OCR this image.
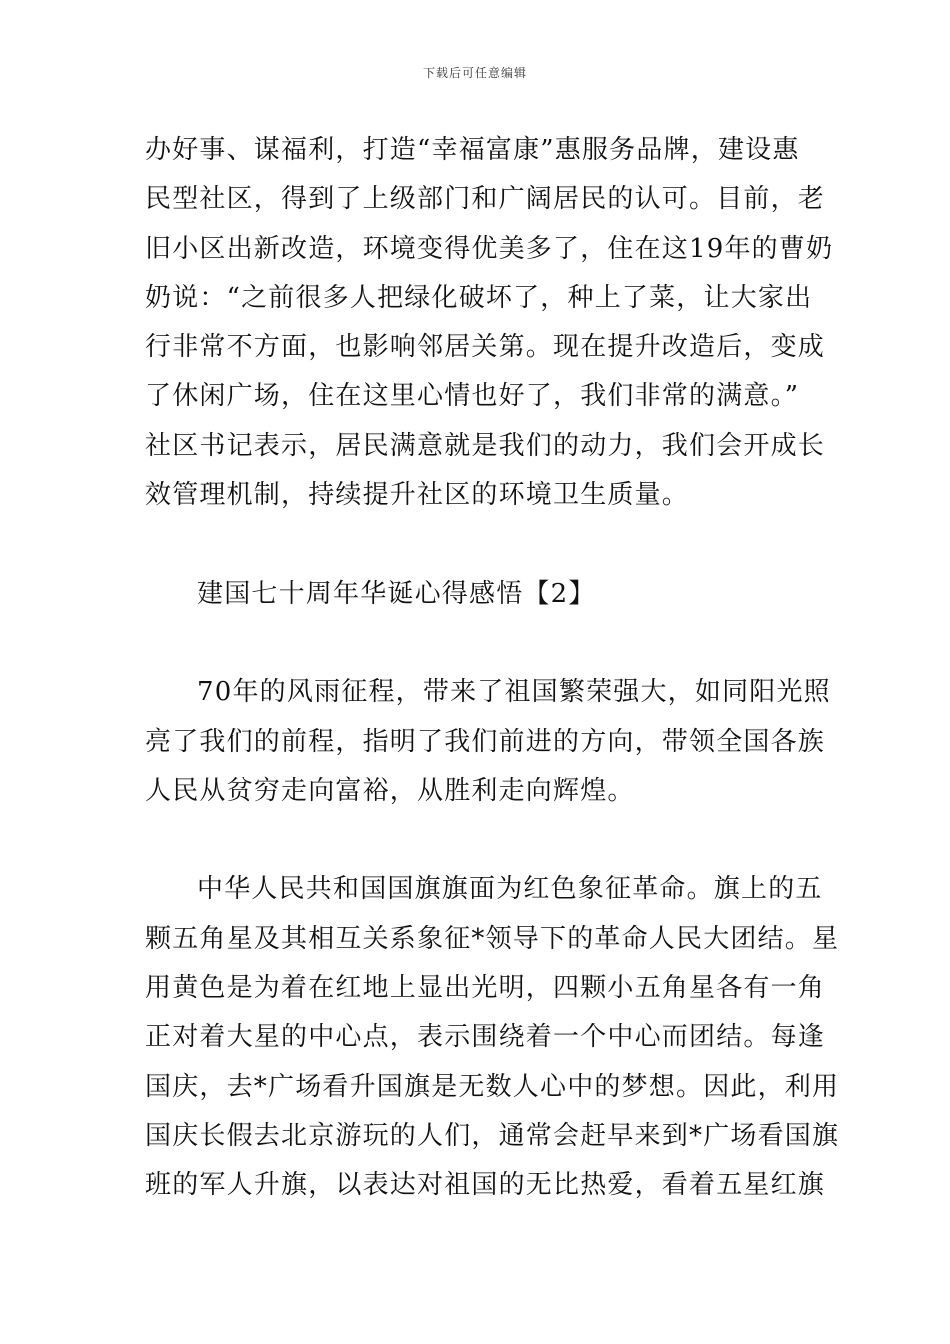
下载后可任意编辑
办好事、谋福利，打造“幸福富康”惠服务品牌，建设惠
民型社区，得到了上级部门和广阔居民的认可。目前，老
旧小区出新改造，环境变得优美多了，住在这19年的曹奶
奶说：“之前很多人把绿化破坏了，种上了菜，让大家出
行非常不方面，也影响邻居关第。现在提升改造后，变成
了休闲广场，住在这里心情也好了，我们非常的满意。”
社区书记表示，居民满意就是我们的动力，我们会开成长
效管理机制，持续提升社区的环境卫生质量。
建国七十周年华诞心得感悟【2】
70年的风雨征程，带来了祖国繁荣强大，如同阳光照
亮了我们的前程，指明了我们前进的方向，带领全国各族
人民从贫穷走向富裕，从胜利走向辉煌。
中华人民共和国国旗旗面为红色象征革命。旗上的五
颗五角星及其相互关系象征*领导下的革命人民大团结。星
用黄色是为着在红地上显出光明，四颗小五角星各有一角
正对着大星的中心点，表示围绕着一个中心而团结。每逢
国庆，去*广场看升国旗是无数人心中的梦想。因此，利用
国庆长假去北京游玩的人们，通常会赶早来到*广场看国旗
班的军人升旗，以表达对祖国的无比热爱，看着五星红旗
